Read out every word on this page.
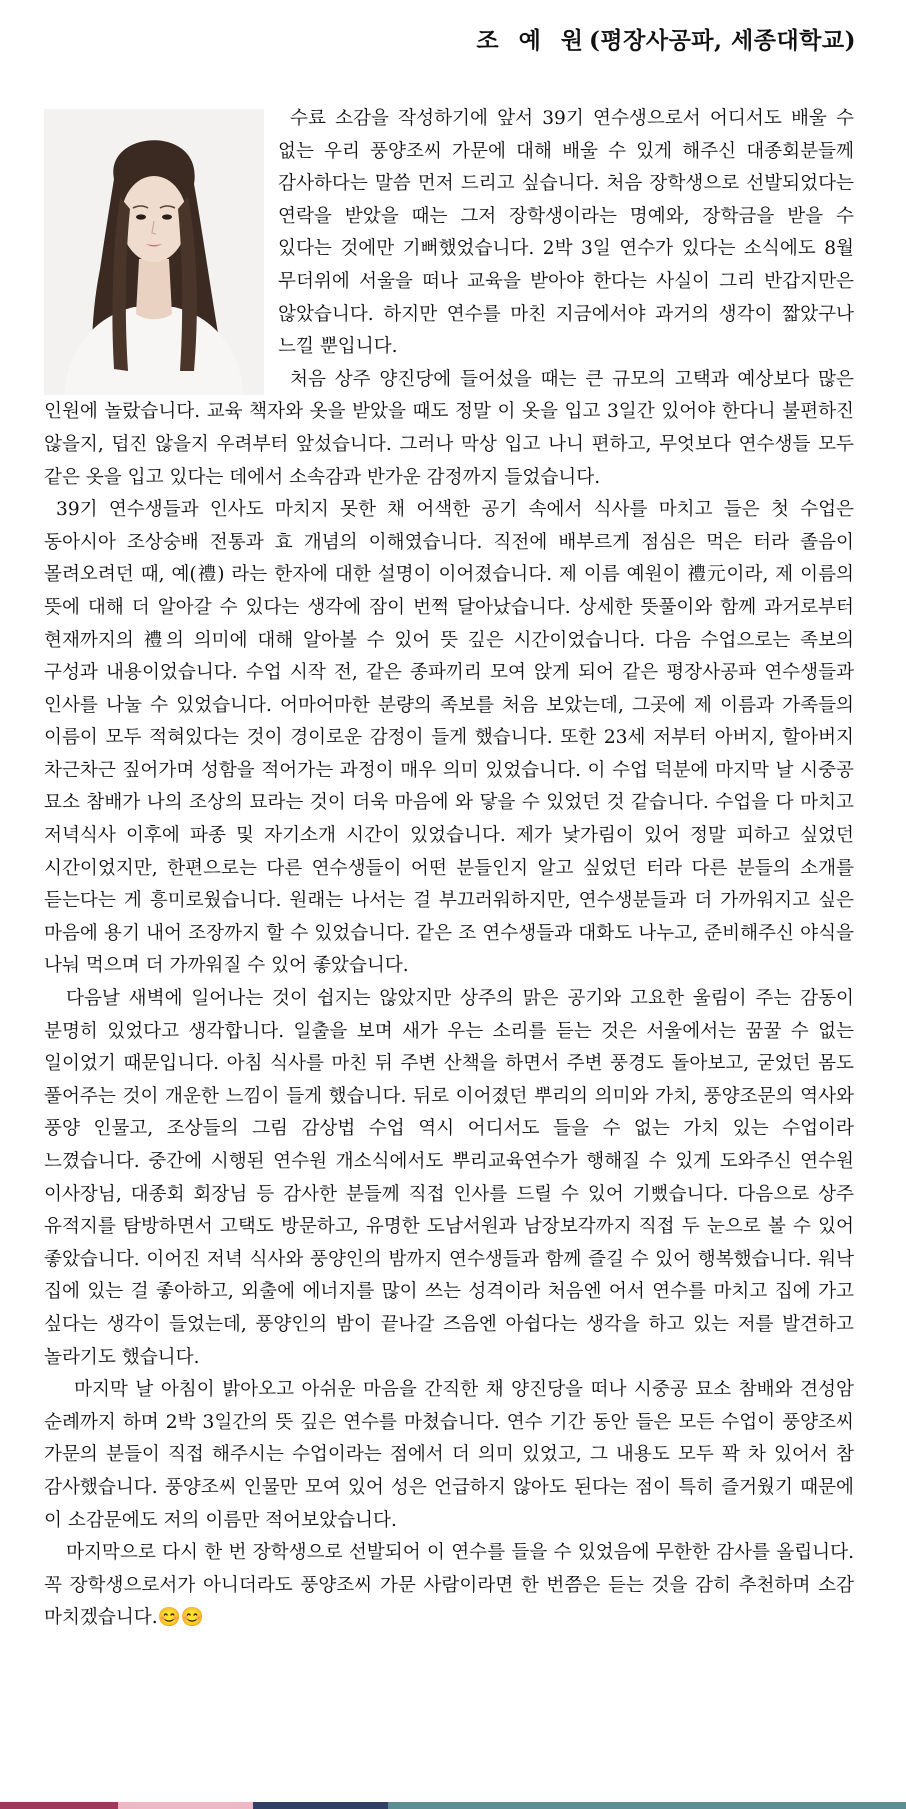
조 예 원(평장사공파, 세종대학교)

수료 소감을 작성하기에 앞서 39기 연수생으로서 어디서도 배울 수 없는 우리 풍양조씨 가문에 대해 배울 수 있게 해주신 대종회분들께 감사하다는 말씀 먼저 드리고 싶습니다. 처음 장학생으로 선발되었다는 연락을 받았을 때는 그저 장학생이라는 명예와, 장학금을 받을 수 있다는 것에만 기뻐했었습니다. 2박 3일 연수가 있다는 소식에도 8월 무더위에 서울을 떠나 교육을 받아야 한다는 사실이 그리 반갑지만은 않았습니다. 하지만 연수를 마친 지금에서야 과거의 생각이 짧았구나 느낄 뿐입니다.

처음 상주 양진당에 들어섰을 때는 큰 규모의 고택과 예상보다 많은 인원에 놀랐습니다. 교육 책자와 옷을 받았을 때도 정말 이 옷을 입고 3일간 있어야 한다니 불편하진 않을지, 덥진 않을지 우려부터 앞섰습니다. 그러나 막상 입고 나니 편하고, 무엇보다 연수생들 모두 같은 옷을 입고 있다는 데에서 소속감과 반가운 감정까지 들었습니다.

39기 연수생들과 인사도 마치지 못한 채 어색한 공기 속에서 식사를 마치고 들은 첫 수업은 동아시아 조상숭배 전통과 효 개념의 이해였습니다. 직전에 배부르게 점심은 먹은 터라 졸음이 몰려오려던 때, 예(禮) 라는 한자에 대한 설명이 이어졌습니다. 제 이름 예원이 禮元이라, 제 이름의 뜻에 대해 더 알아갈 수 있다는 생각에 잠이 번쩍 달아났습니다. 상세한 뜻풀이와 함께 과거로부터 현재까지의 禮의 의미에 대해 알아볼 수 있어 뜻 깊은 시간이었습니다. 다음 수업으로는 족보의 구성과 내용이었습니다. 수업 시작 전, 같은 종파끼리 모여 앉게 되어 같은 평장사공파 연수생들과 인사를 나눌 수 있었습니다. 어마어마한 분량의 족보를 처음 보았는데, 그곳에 제 이름과 가족들의 이름이 모두 적혀있다는 것이 경이로운 감정이 들게 했습니다. 또한 23세 저부터 아버지, 할아버지 차근차근 짚어가며 성함을 적어가는 과정이 매우 의미 있었습니다. 이 수업 덕분에 마지막 날 시중공 묘소 참배가 나의 조상의 묘라는 것이 더욱 마음에 와 닿을 수 있었던 것 같습니다. 수업을 다 마치고 저녁식사 이후에 파종 및 자기소개 시간이 있었습니다. 제가 낯가림이 있어 정말 피하고 싶었던 시간이었지만, 한편으로는 다른 연수생들이 어떤 분들인지 알고 싶었던 터라 다른 분들의 소개를 듣는다는 게 흥미로웠습니다. 원래는 나서는 걸 부끄러워하지만, 연수생분들과 더 가까워지고 싶은 마음에 용기 내어 조장까지 할 수 있었습니다. 같은 조 연수생들과 대화도 나누고, 준비해주신 야식을 나눠 먹으며 더 가까워질 수 있어 좋았습니다.

다음날 새벽에 일어나는 것이 쉽지는 않았지만 상주의 맑은 공기와 고요한 울림이 주는 감동이 분명히 있었다고 생각합니다. 일출을 보며 새가 우는 소리를 듣는 것은 서울에서는 꿈꿀 수 없는 일이었기 때문입니다. 아침 식사를 마친 뒤 주변 산책을 하면서 주변 풍경도 돌아보고, 굳었던 몸도 풀어주는 것이 개운한 느낌이 들게 했습니다. 뒤로 이어졌던 뿌리의 의미와 가치, 풍양조문의 역사와 풍양 인물고, 조상들의 그림 감상법 수업 역시 어디서도 들을 수 없는 가치 있는 수업이라 느꼈습니다. 중간에 시행된 연수원 개소식에서도 뿌리교육연수가 행해질 수 있게 도와주신 연수원 이사장님, 대종회 회장님 등 감사한 분들께 직접 인사를 드릴 수 있어 기뻤습니다. 다음으로 상주 유적지를 탐방하면서 고택도 방문하고, 유명한 도남서원과 남장보각까지 직접 두 눈으로 볼 수 있어 좋았습니다. 이어진 저녁 식사와 풍양인의 밤까지 연수생들과 함께 즐길 수 있어 행복했습니다. 워낙 집에 있는 걸 좋아하고, 외출에 에너지를 많이 쓰는 성격이라 처음엔 어서 연수를 마치고 집에 가고 싶다는 생각이 들었는데, 풍양인의 밤이 끝나갈 즈음엔 아쉽다는 생각을 하고 있는 저를 발견하고 놀라기도 했습니다.

마지막 날 아침이 밝아오고 아쉬운 마음을 간직한 채 양진당을 떠나 시중공 묘소 참배와 견성암 순례까지 하며 2박 3일간의 뜻 깊은 연수를 마쳤습니다. 연수 기간 동안 들은 모든 수업이 풍양조씨 가문의 분들이 직접 해주시는 수업이라는 점에서 더 의미 있었고, 그 내용도 모두 꽉 차 있어서 참 감사했습니다. 풍양조씨 인물만 모여 있어 성은 언급하지 않아도 된다는 점이 특히 즐거웠기 때문에 이 소감문에도 저의 이름만 적어보았습니다.

마지막으로 다시 한 번 장학생으로 선발되어 이 연수를 들을 수 있었음에 무한한 감사를 올립니다. 꼭 장학생으로서가 아니더라도 풍양조씨 가문 사람이라면 한 번쯤은 듣는 것을 감히 추천하며 소감 마치겠습니다.😊😊
